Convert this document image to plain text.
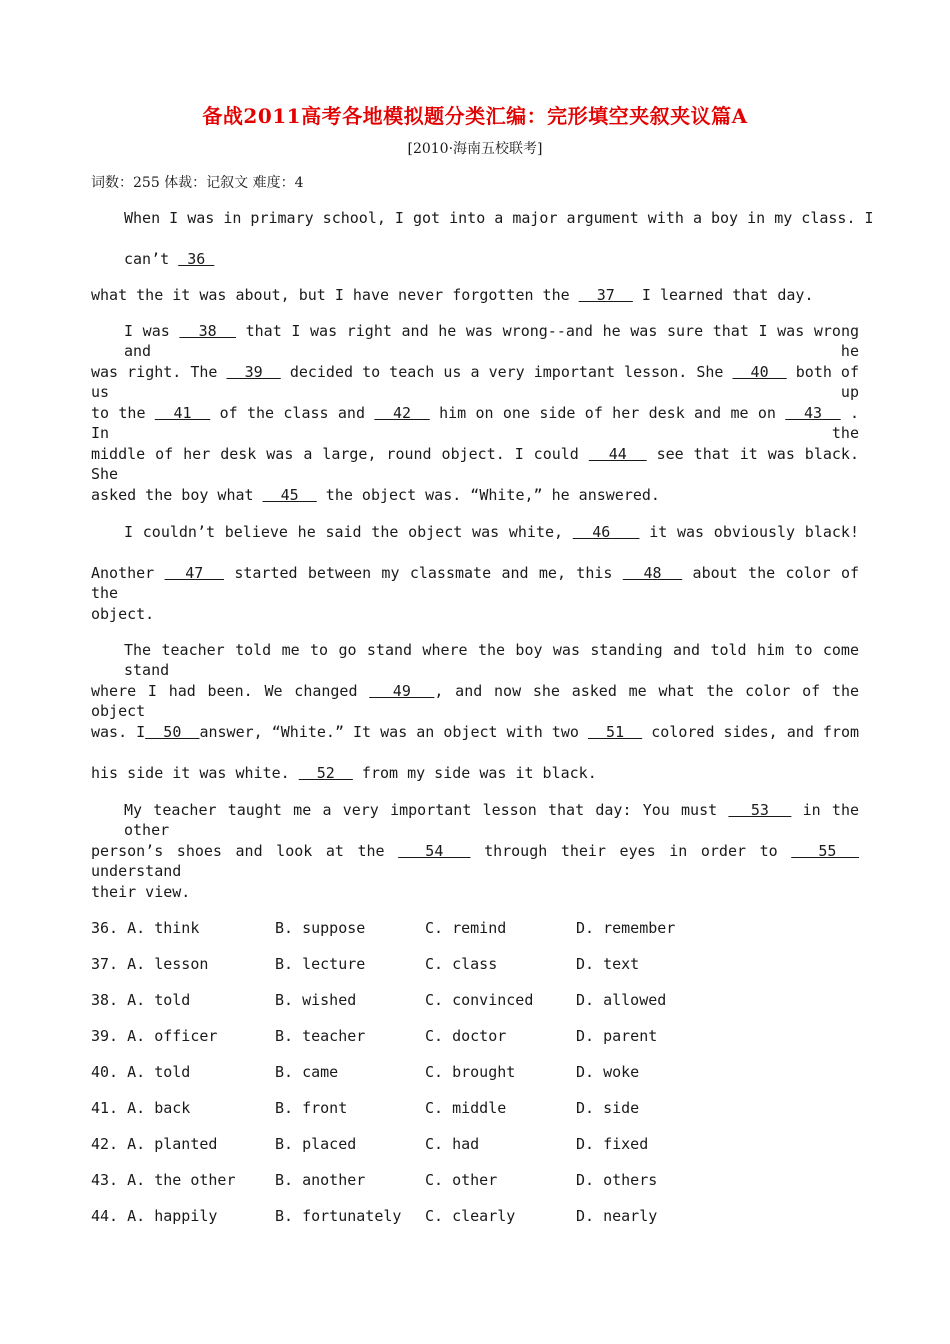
备战2011高考各地模拟题分类汇编：完形填空夹叙夹议篇A
[2010·海南五校联考]
词数：255 体裁：记叙文 难度：4
When I was in primary school, I got into a major argument with a boy in my class. I
can’t  36
what the it was about, but I have never forgotten the   37   I learned that day.
I was   38   that I was right and he was wrong--and he was sure that I was wrong and he
was right. The   39   decided to teach us a very important lesson. She   40   both of us up
to the   41   of the class and   42   him on one side of her desk and me on   43   . In the
middle of her desk was a large, round object. I could   44   see that it was black. She
asked the boy what   45   the object was. “White,” he answered.
I couldn’t believe he said the object was white,   46    it was obviously black!
Another   47   started between my classmate and me, this   48   about the color of the
object.
The teacher told me to go stand where the boy was standing and told him to come stand
where I had been. We changed   49  , and now she asked me what the color of the object
was. I  50  answer, “White.” It was an object with two   51   colored sides, and from
his side it was white.   52   from my side was it black.
My teacher taught me a very important lesson that day: You must   53   in the other
person’s shoes and look at the   54   through their eyes in order to   55   understand
their view.
36. A. think	B. suppose	C. remind	D. remember
37. A. lesson	B. lecture	C. class	D. text
38. A. told	B. wished	C. convinced	D. allowed
39. A. officer	B. teacher	C. doctor	D. parent
40. A. told	B. came	C. brought	D. woke
41. A. back	B. front	C. middle	D. side
42. A. planted	B. placed	C. had	D. fixed
43. A. the other	B. another	C. other	D. others
44. A. happily	B. fortunately C. clearly	D. nearly
